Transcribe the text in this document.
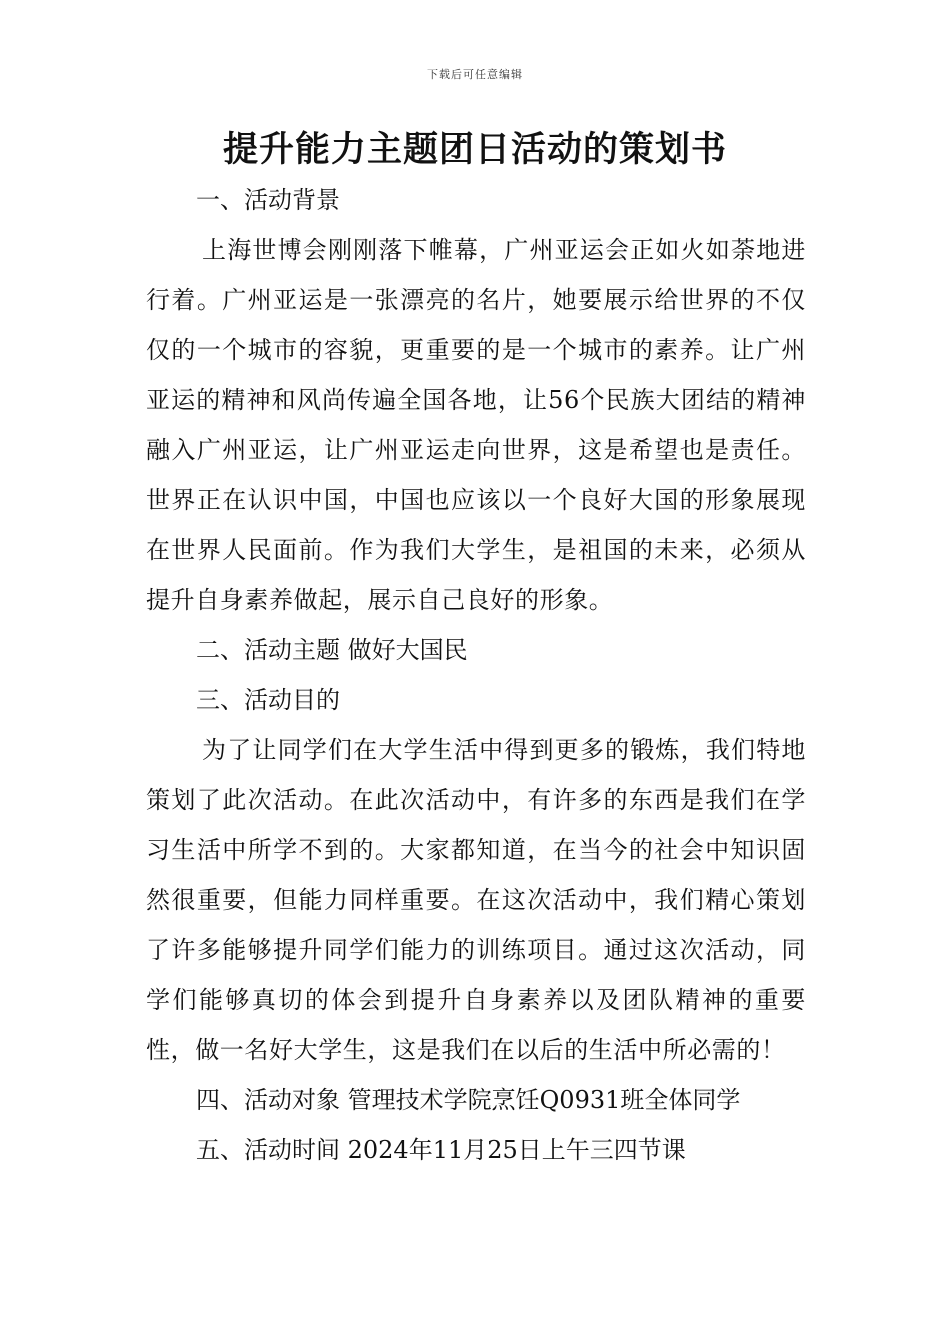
下载后可任意编辑
提升能力主题团日活动的策划书

一、活动背景

上海世博会刚刚落下帷幕，广州亚运会正如火如荼地进行着。广州亚运是一张漂亮的名片，她要展示给世界的不仅仅的一个城市的容貌，更重要的是一个城市的素养。让广州亚运的精神和风尚传遍全国各地，让56个民族大团结的精神融入广州亚运，让广州亚运走向世界，这是希望也是责任。世界正在认识中国，中国也应该以一个良好大国的形象展现在世界人民面前。作为我们大学生，是祖国的未来，必须从提升自身素养做起，展示自己良好的形象。

二、活动主题 做好大国民

三、活动目的

为了让同学们在大学生活中得到更多的锻炼，我们特地策划了此次活动。在此次活动中，有许多的东西是我们在学习生活中所学不到的。大家都知道，在当今的社会中知识固然很重要，但能力同样重要。在这次活动中，我们精心策划了许多能够提升同学们能力的训练项目。通过这次活动，同学们能够真切的体会到提升自身素养以及团队精神的重要性，做一名好大学生，这是我们在以后的生活中所必需的！

四、活动对象 管理技术学院烹饪Q0931班全体同学

五、活动时间 2024年11月25日上午三四节课
